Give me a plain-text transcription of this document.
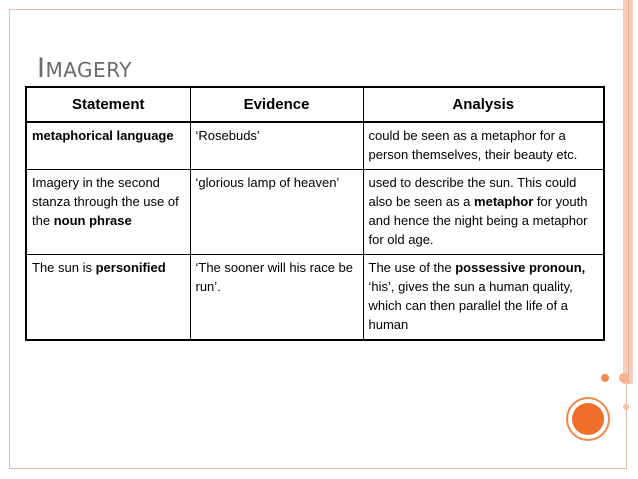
IMAGERY
Statement	Evidence	Analysis
metaphorical language	‘Rosebuds’	could be seen as a metaphor for a person themselves, their beauty etc.
Imagery in the second stanza through the use of the noun phrase	‘glorious lamp of heaven’	used to describe the sun. This could also be seen as a metaphor for youth and hence the night being a metaphor for old age.
The sun is personified	‘The sooner will his race be run’.	The use of the possessive pronoun, ‘his’, gives the sun a human quality, which can then parallel the life of a human
